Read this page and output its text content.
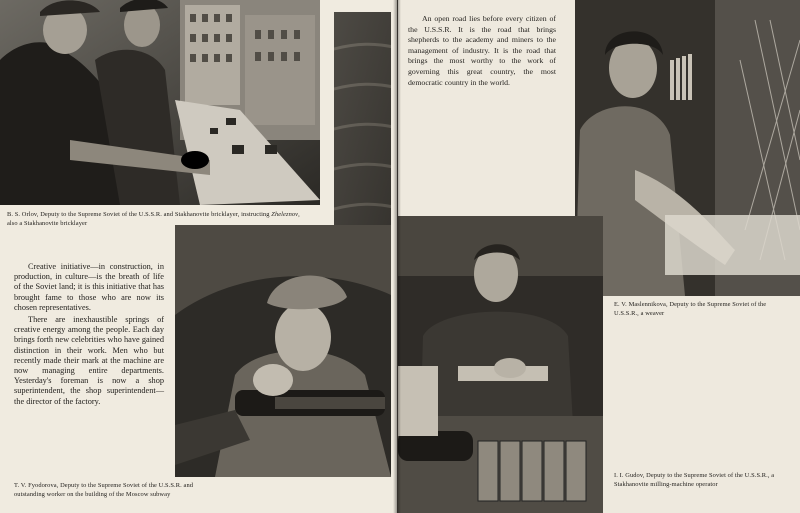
B. S. Orlov, Deputy to the Supreme Soviet of the U.S.S.R. and Stakhanovite bricklayer, instructing Zheleznov, also a Stakhanovite bricklayer

Creative initiative—in construction, in production, in culture—is the breath of life of the Soviet land; it is this initiative that has brought fame to those who are now its chosen representatives.

There are inexhaustible springs of creative energy among the people. Each day brings forth new celebrities who have gained distinction in their work. Men who but recently made their mark at the machine are now managing entire departments. Yesterday's foreman is now a shop superintendent, the shop superintendent—the director of the factory.

T. V. Fyodorova, Deputy to the Supreme Soviet of the U.S.S.R. and outstanding worker on the building of the Moscow subway

An open road lies before every citizen of the U.S.S.R. It is the road that brings shepherds to the academy and miners to the management of industry. It is the road that brings the most worthy to the work of governing this great country, the most democratic country in the world.

E. V. Maslennikova, Deputy to the Supreme Soviet of the U.S.S.R., a weaver

I. I. Gudov, Deputy to the Supreme Soviet of the U.S.S.R., a Stakhanovite milling-machine operator
